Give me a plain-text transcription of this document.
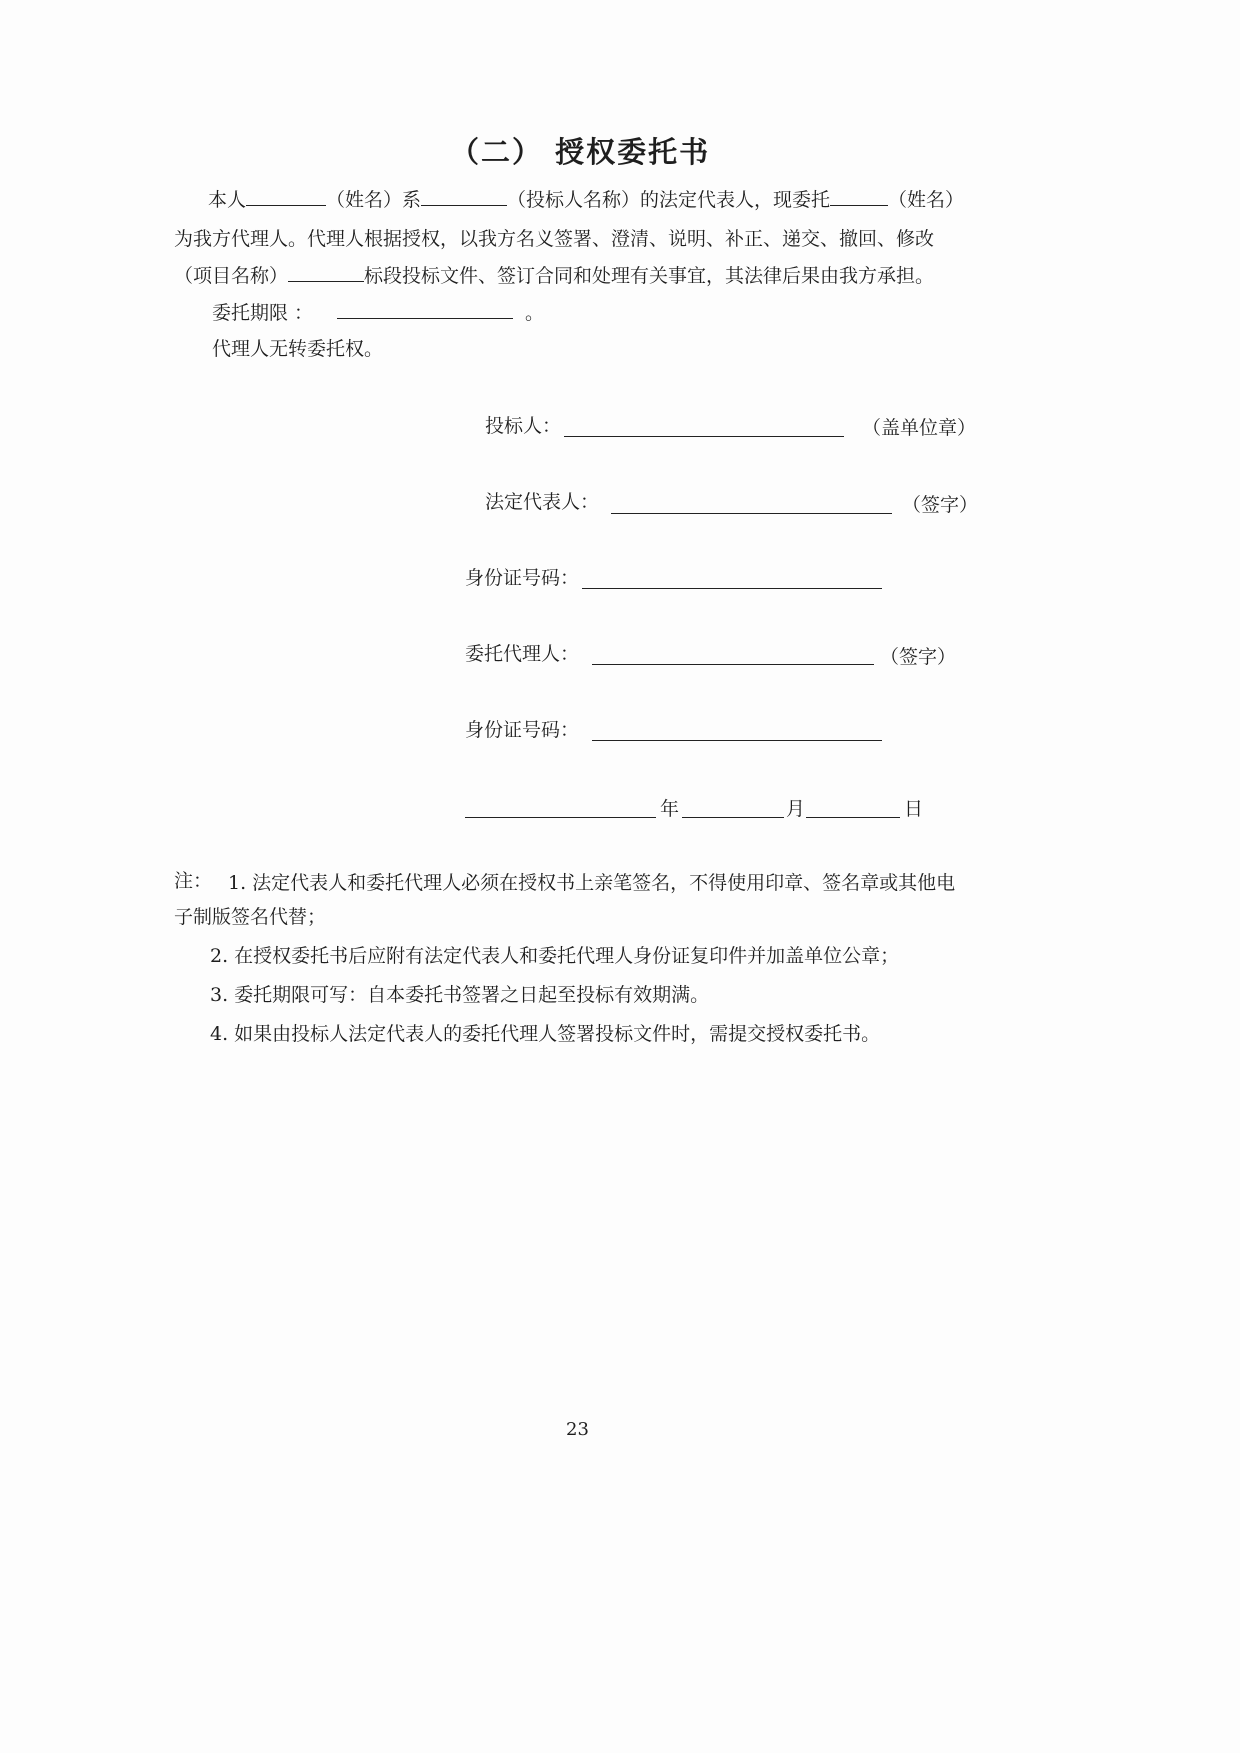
（二） 授权委托书
本人	（姓名）系	（投标人名称）的法定代表人，现委托	（姓名）
为我方代理人。代理人根据授权，以我方名义签署、澄清、说明、补正、递交、撤回、修改
（项目名称）	标段投标文件、签订合同和处理有关事宜，其法律后果由我方承担。
委托期限 ：	。
代理人无转委托权。
投标人：	（盖单位章）
法定代表人：	（签字）
身份证号码：
委托代理人：	（签字）
身份证号码：
年	月	日
注： 1. 法定代表人和委托代理人必须在授权书上亲笔签名，不得使用印章、签名章或其他电
子制版签名代替；
2. 在授权委托书后应附有法定代表人和委托代理人身份证复印件并加盖单位公章；
3. 委托期限可写：自本委托书签署之日起至投标有效期满。
4. 如果由投标人法定代表人的委托代理人签署投标文件时，需提交授权委托书。
23
